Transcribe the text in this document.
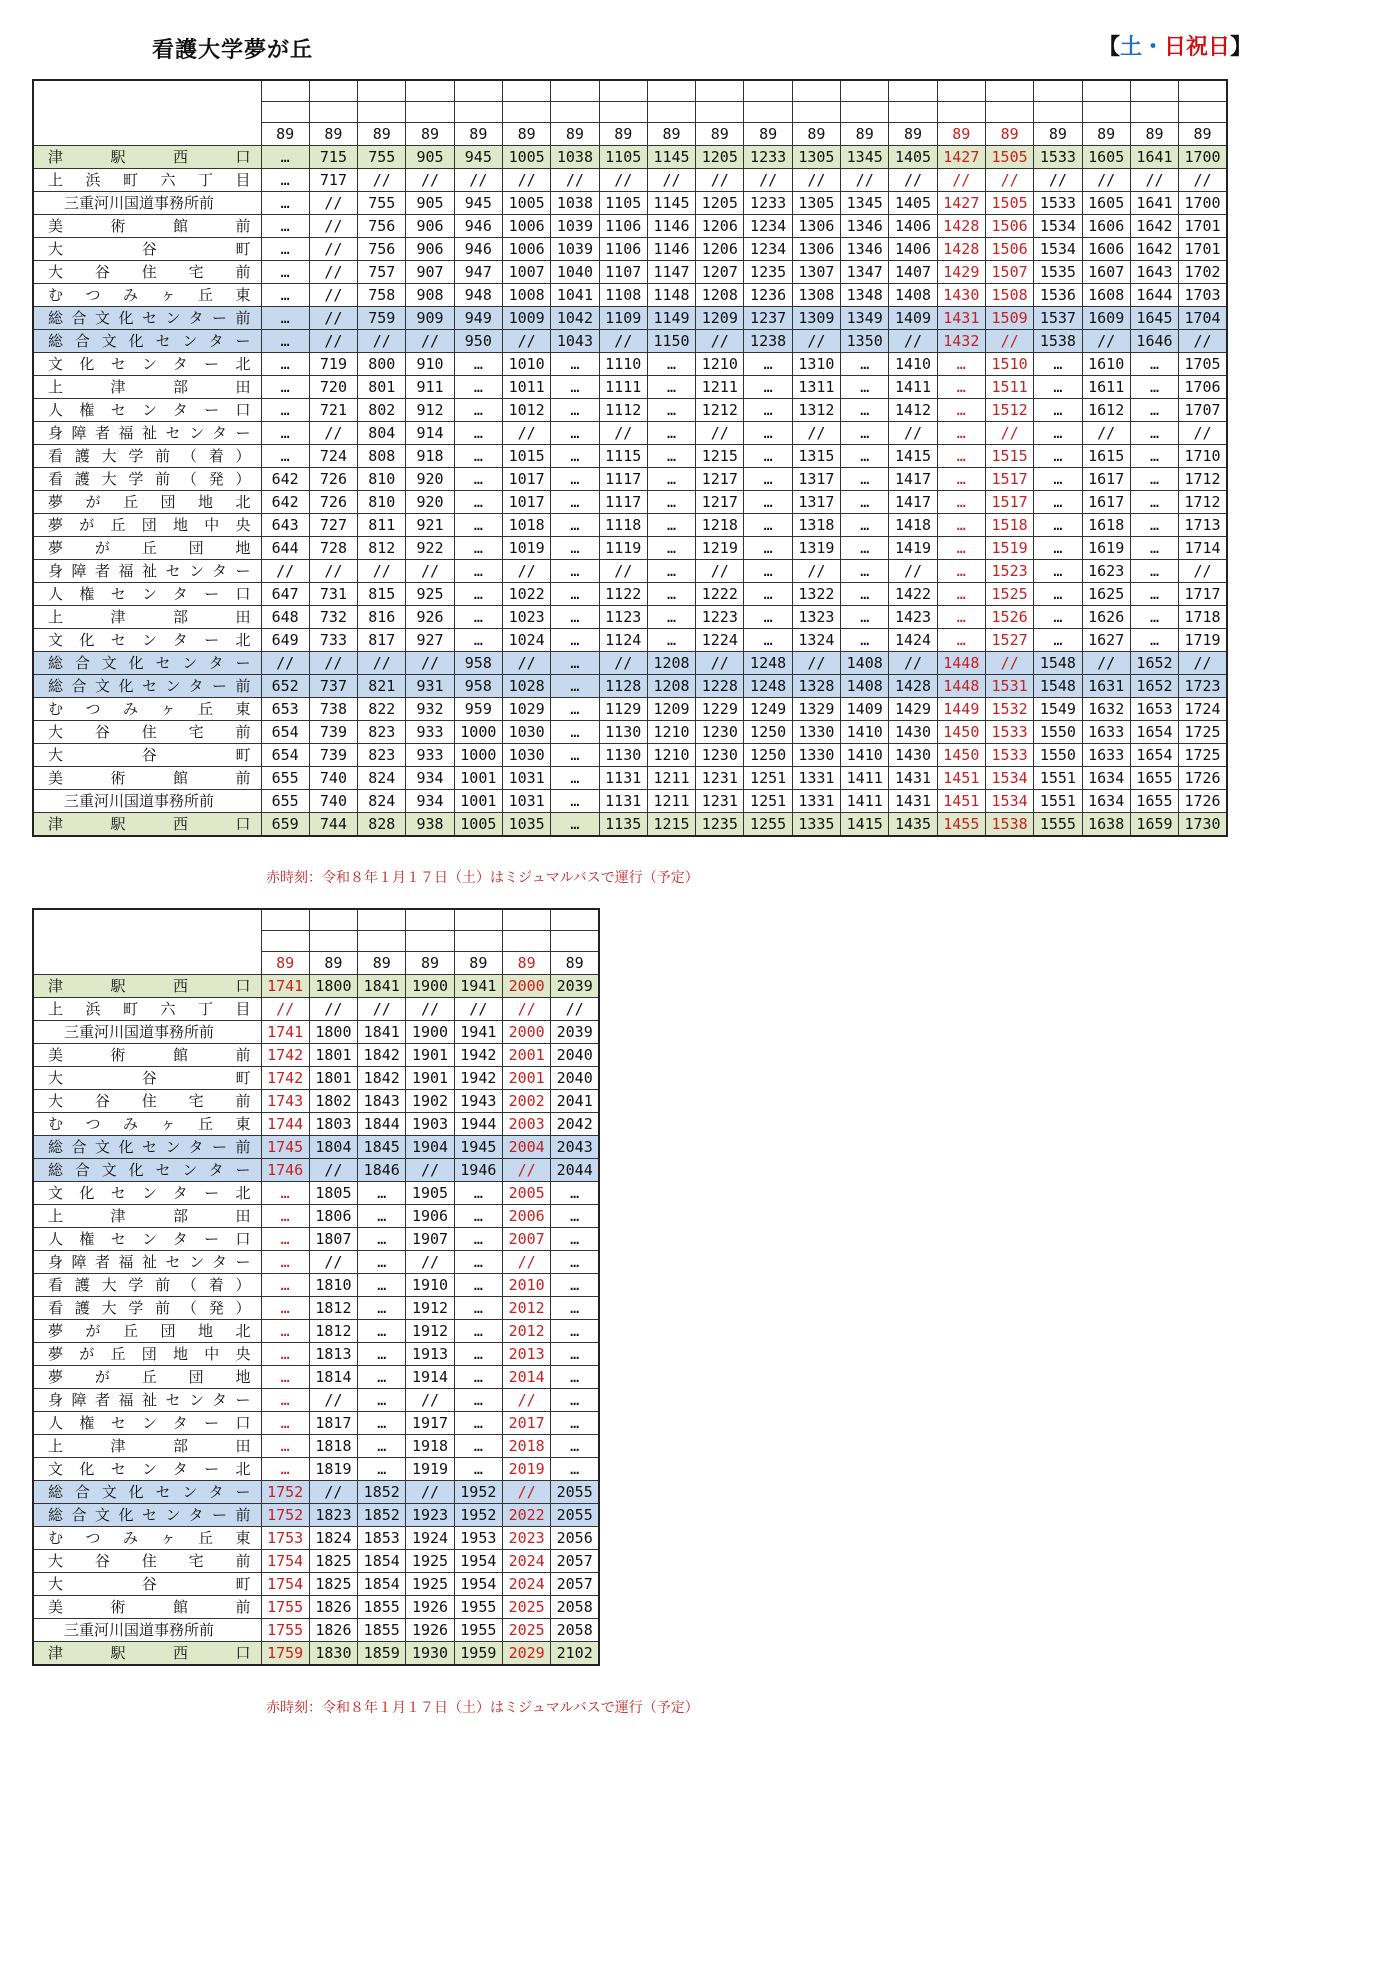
看護大学夢が丘	【土・日祝日】

	89	89	89	89	89	89	89	89	89	89	89	89	89	89	89	89	89	89	89	89
津駅西口	…	715	755	905	945	1005	1038	1105	1145	1205	1233	1305	1345	1405	1427	1505	1533	1605	1641	1700
上浜町六丁目	…	717	//	//	//	//	//	//	//	//	//	//	//	//	//	//	//	//	//	//
三重河川国道事務所前	…	//	755	905	945	1005	1038	1105	1145	1205	1233	1305	1345	1405	1427	1505	1533	1605	1641	1700
美術館前	…	//	756	906	946	1006	1039	1106	1146	1206	1234	1306	1346	1406	1428	1506	1534	1606	1642	1701
大谷町	…	//	756	906	946	1006	1039	1106	1146	1206	1234	1306	1346	1406	1428	1506	1534	1606	1642	1701
大谷住宅前	…	//	757	907	947	1007	1040	1107	1147	1207	1235	1307	1347	1407	1429	1507	1535	1607	1643	1702
むつみヶ丘東	…	//	758	908	948	1008	1041	1108	1148	1208	1236	1308	1348	1408	1430	1508	1536	1608	1644	1703
総合文化センター前	…	//	759	909	949	1009	1042	1109	1149	1209	1237	1309	1349	1409	1431	1509	1537	1609	1645	1704
総合文化センター	…	//	//	//	950	//	1043	//	1150	//	1238	//	1350	//	1432	//	1538	//	1646	//
文化センター北	…	719	800	910	…	1010	…	1110	…	1210	…	1310	…	1410	…	1510	…	1610	…	1705
上津部田	…	720	801	911	…	1011	…	1111	…	1211	…	1311	…	1411	…	1511	…	1611	…	1706
人権センター口	…	721	802	912	…	1012	…	1112	…	1212	…	1312	…	1412	…	1512	…	1612	…	1707
身障者福祉センター	…	//	804	914	…	//	…	//	…	//	…	//	…	//	…	//	…	//	…	//
看護大学前（着）	…	724	808	918	…	1015	…	1115	…	1215	…	1315	…	1415	…	1515	…	1615	…	1710
看護大学前（発）	642	726	810	920	…	1017	…	1117	…	1217	…	1317	…	1417	…	1517	…	1617	…	1712
夢が丘団地北	642	726	810	920	…	1017	…	1117	…	1217	…	1317	…	1417	…	1517	…	1617	…	1712
夢が丘団地中央	643	727	811	921	…	1018	…	1118	…	1218	…	1318	…	1418	…	1518	…	1618	…	1713
夢が丘団地	644	728	812	922	…	1019	…	1119	…	1219	…	1319	…	1419	…	1519	…	1619	…	1714
身障者福祉センター	//	//	//	//	…	//	…	//	…	//	…	//	…	//	…	1523	…	1623	…	//
人権センター口	647	731	815	925	…	1022	…	1122	…	1222	…	1322	…	1422	…	1525	…	1625	…	1717
上津部田	648	732	816	926	…	1023	…	1123	…	1223	…	1323	…	1423	…	1526	…	1626	…	1718
文化センター北	649	733	817	927	…	1024	…	1124	…	1224	…	1324	…	1424	…	1527	…	1627	…	1719
総合文化センター	//	//	//	//	958	//	…	//	1208	//	1248	//	1408	//	1448	//	1548	//	1652	//
総合文化センター前	652	737	821	931	958	1028	…	1128	1208	1228	1248	1328	1408	1428	1448	1531	1548	1631	1652	1723
むつみヶ丘東	653	738	822	932	959	1029	…	1129	1209	1229	1249	1329	1409	1429	1449	1532	1549	1632	1653	1724
大谷住宅前	654	739	823	933	1000	1030	…	1130	1210	1230	1250	1330	1410	1430	1450	1533	1550	1633	1654	1725
大谷町	654	739	823	933	1000	1030	…	1130	1210	1230	1250	1330	1410	1430	1450	1533	1550	1633	1654	1725
美術館前	655	740	824	934	1001	1031	…	1131	1211	1231	1251	1331	1411	1431	1451	1534	1551	1634	1655	1726
三重河川国道事務所前	655	740	824	934	1001	1031	…	1131	1211	1231	1251	1331	1411	1431	1451	1534	1551	1634	1655	1726
津駅西口	659	744	828	938	1005	1035	…	1135	1215	1235	1255	1335	1415	1435	1455	1538	1555	1638	1659	1730
赤時刻：令和８年１月１７日（土）はミジュマルバスで運行（予定）

	89	89	89	89	89	89	89
津駅西口	1741	1800	1841	1900	1941	2000	2039
上浜町六丁目	//	//	//	//	//	//	//
三重河川国道事務所前	1741	1800	1841	1900	1941	2000	2039
美術館前	1742	1801	1842	1901	1942	2001	2040
大谷町	1742	1801	1842	1901	1942	2001	2040
大谷住宅前	1743	1802	1843	1902	1943	2002	2041
むつみヶ丘東	1744	1803	1844	1903	1944	2003	2042
総合文化センター前	1745	1804	1845	1904	1945	2004	2043
総合文化センター	1746	//	1846	//	1946	//	2044
文化センター北	…	1805	…	1905	…	2005	…
上津部田	…	1806	…	1906	…	2006	…
人権センター口	…	1807	…	1907	…	2007	…
身障者福祉センター	…	//	…	//	…	//	…
看護大学前（着）	…	1810	…	1910	…	2010	…
看護大学前（発）	…	1812	…	1912	…	2012	…
夢が丘団地北	…	1812	…	1912	…	2012	…
夢が丘団地中央	…	1813	…	1913	…	2013	…
夢が丘団地	…	1814	…	1914	…	2014	…
身障者福祉センター	…	//	…	//	…	//	…
人権センター口	…	1817	…	1917	…	2017	…
上津部田	…	1818	…	1918	…	2018	…
文化センター北	…	1819	…	1919	…	2019	…
総合文化センター	1752	//	1852	//	1952	//	2055
総合文化センター前	1752	1823	1852	1923	1952	2022	2055
むつみヶ丘東	1753	1824	1853	1924	1953	2023	2056
大谷住宅前	1754	1825	1854	1925	1954	2024	2057
大谷町	1754	1825	1854	1925	1954	2024	2057
美術館前	1755	1826	1855	1926	1955	2025	2058
三重河川国道事務所前	1755	1826	1855	1926	1955	2025	2058
津駅西口	1759	1830	1859	1930	1959	2029	2102
赤時刻：令和８年１月１７日（土）はミジュマルバスで運行（予定）
